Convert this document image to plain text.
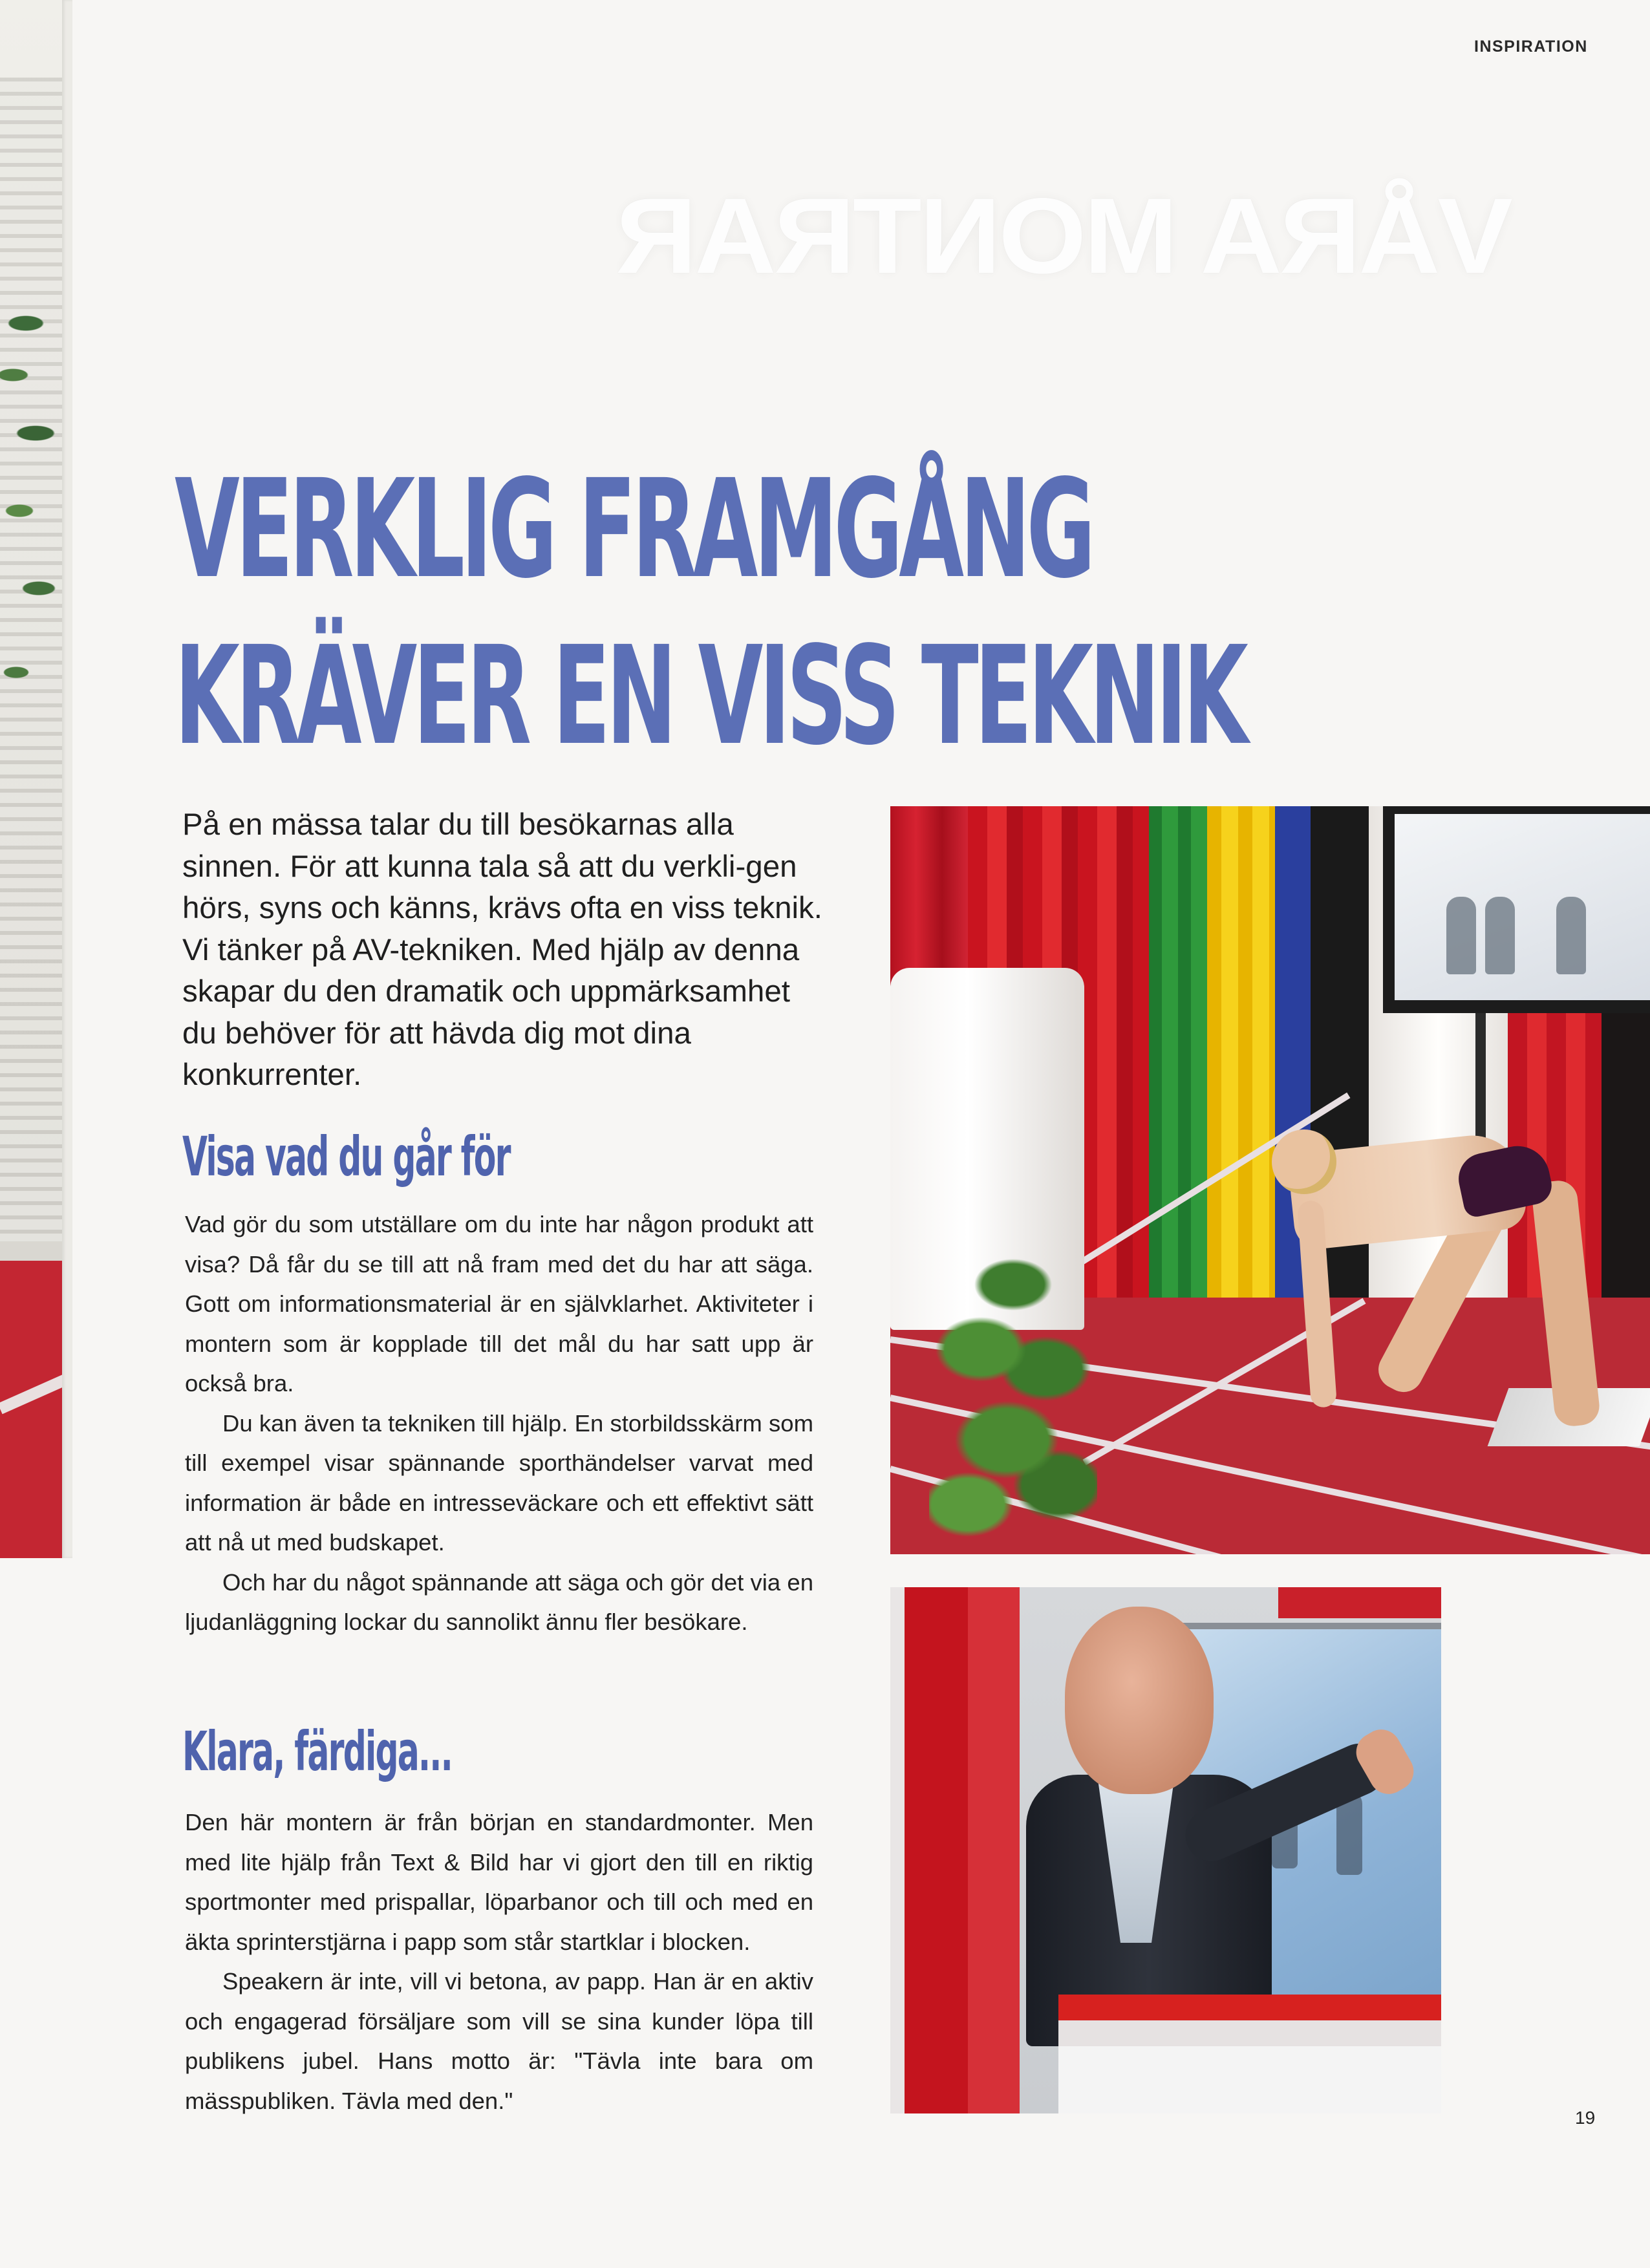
INSPIRATION
VÅRA MONTRAR
VERKLIG FRAMGÅNG
KRÄVER EN VISS TEKNIK
På en mässa talar du till besökarnas alla sinnen. För att kunna tala så att du verkli-gen hörs, syns och känns, krävs ofta en viss teknik. Vi tänker på AV-tekniken. Med hjälp av denna skapar du den dramatik och uppmärksamhet du behöver för att hävda dig mot dina konkurrenter.
Visa vad du går för

Vad gör du som utställare om du inte har någon produkt att visa? Då får du se till att nå fram med det du har att säga. Gott om informationsmaterial är en självklarhet. Aktiviteter i montern som är kopplade till det mål du har satt upp är också bra.

Du kan även ta tekniken till hjälp. En storbildsskärm som till exempel visar spännande sporthändelser varvat med information är både en intresseväckare och ett effektivt sätt att nå ut med budskapet.

Och har du något spännande att säga och gör det via en ljudanläggning lockar du sannolikt ännu fler besökare.

Klara, färdiga...

Den här montern är från början en standardmonter. Men med lite hjälp från Text & Bild har vi gjort den till en riktig sportmonter med prispallar, löparbanor och till och med en äkta sprinterstjärna i papp som står startklar i blocken.

Speakern är inte, vill vi betona, av papp. Han är en aktiv och engagerad försäljare som vill se sina kunder löpa till publikens jubel. Hans motto är: "Tävla inte bara om mässpubliken. Tävla med den."

19
